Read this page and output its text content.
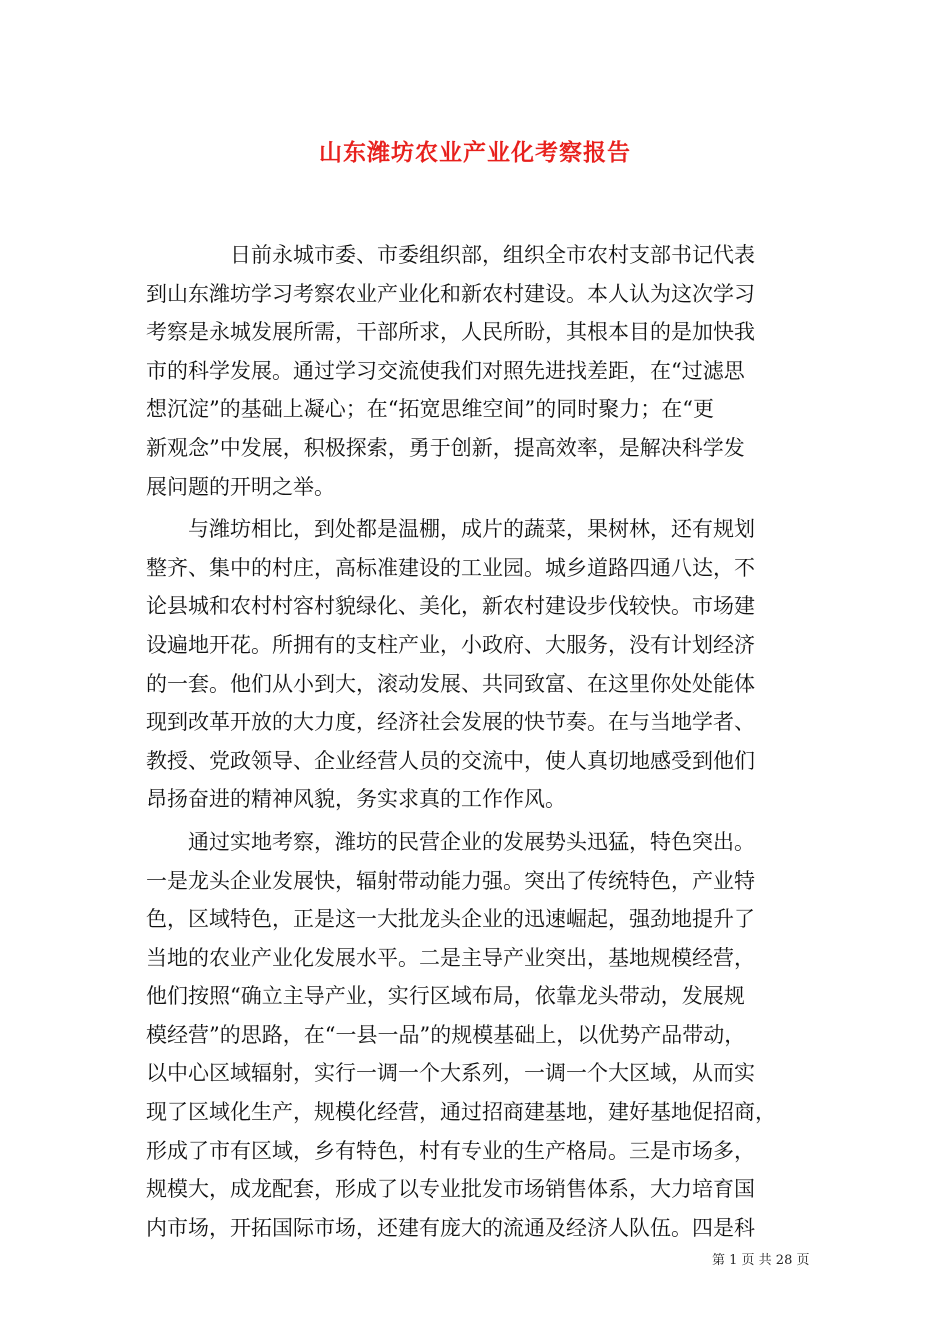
山东潍坊农业产业化考察报告
日前永城市委、市委组织部，组织全市农村支部书记代表
到山东潍坊学习考察农业产业化和新农村建设。本人认为这次学习
考察是永城发展所需，干部所求，人民所盼，其根本目的是加快我
市的科学发展。通过学习交流使我们对照先进找差距，在“过滤思
想沉淀”的基础上凝心；在“拓宽思维空间”的同时聚力；在“更
新观念”中发展，积极探索，勇于创新，提高效率，是解决科学发
展问题的开明之举。
与潍坊相比，到处都是温棚，成片的蔬菜，果树林，还有规划
整齐、集中的村庄，高标准建设的工业园。城乡道路四通八达，不
论县城和农村村容村貌绿化、美化，新农村建设步伐较快。市场建
设遍地开花。所拥有的支柱产业，小政府、大服务，没有计划经济
的一套。他们从小到大，滚动发展、共同致富、在这里你处处能体
现到改革开放的大力度，经济社会发展的快节奏。在与当地学者、
教授、党政领导、企业经营人员的交流中，使人真切地感受到他们
昂扬奋进的精神风貌，务实求真的工作作风。
通过实地考察，潍坊的民营企业的发展势头迅猛，特色突出。
一是龙头企业发展快，辐射带动能力强。突出了传统特色，产业特
色，区域特色，正是这一大批龙头企业的迅速崛起，强劲地提升了
当地的农业产业化发展水平。二是主导产业突出，基地规模经营，
他们按照“确立主导产业，实行区域布局，依靠龙头带动，发展规
模经营”的思路，在“一县一品”的规模基础上，以优势产品带动，
以中心区域辐射，实行一调一个大系列，一调一个大区域，从而实
现了区域化生产，规模化经营，通过招商建基地，建好基地促招商，
形成了市有区域，乡有特色，村有专业的生产格局。三是市场多，
规模大，成龙配套，形成了以专业批发市场销售体系，大力培育国
内市场，开拓国际市场，还建有庞大的流通及经济人队伍。四是科
第 1 页 共 28 页
